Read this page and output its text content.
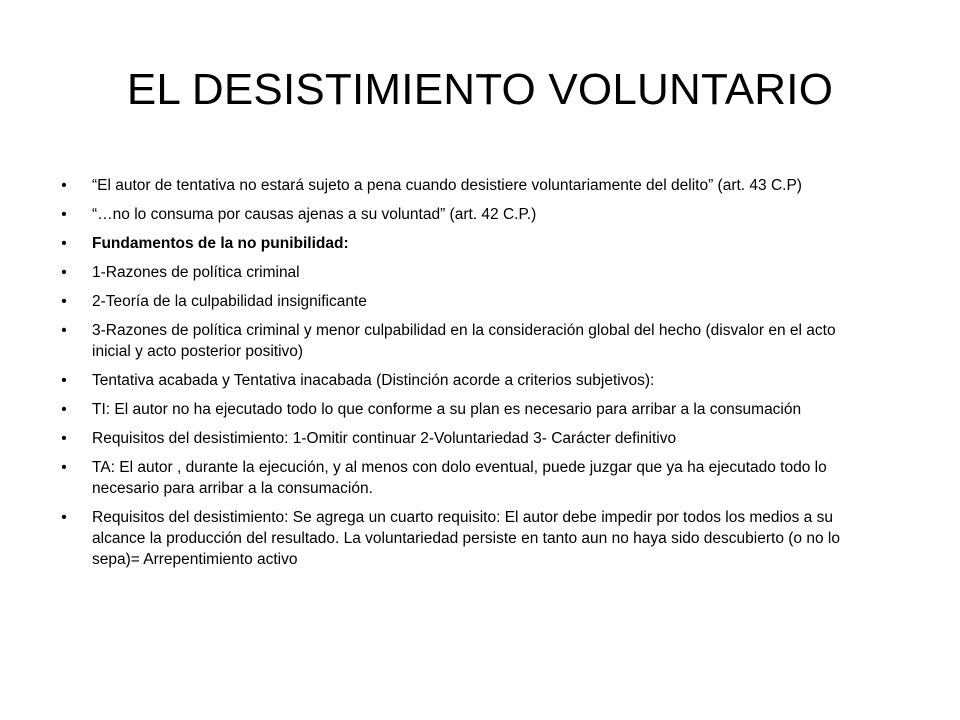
EL DESISTIMIENTO VOLUNTARIO
• “El autor de tentativa no estará sujeto a pena cuando desistiere voluntariamente del delito” (art. 43 C.P)
• “…no lo consuma por causas ajenas a su voluntad” (art. 42 C.P.)
• Fundamentos de la no punibilidad:
• 1-Razones de política criminal
• 2-Teoría de la culpabilidad insignificante
• 3-Razones de política criminal y menor culpabilidad en la consideración global del hecho (disvalor en el acto inicial y acto posterior positivo)
• Tentativa acabada y Tentativa inacabada (Distinción acorde a criterios subjetivos):
• TI: El autor no ha ejecutado todo lo que conforme a su plan es necesario para arribar a la consumación
• Requisitos del desistimiento: 1-Omitir continuar 2-Voluntariedad 3- Carácter definitivo
• TA: El autor , durante la ejecución, y al menos con dolo eventual, puede juzgar que ya ha ejecutado todo lo necesario para arribar a la consumación.
• Requisitos del desistimiento: Se agrega un cuarto requisito: El autor debe impedir por todos los medios a su alcance la producción del resultado. La voluntariedad persiste en tanto aun no haya sido descubierto (o no lo sepa)= Arrepentimiento activo
